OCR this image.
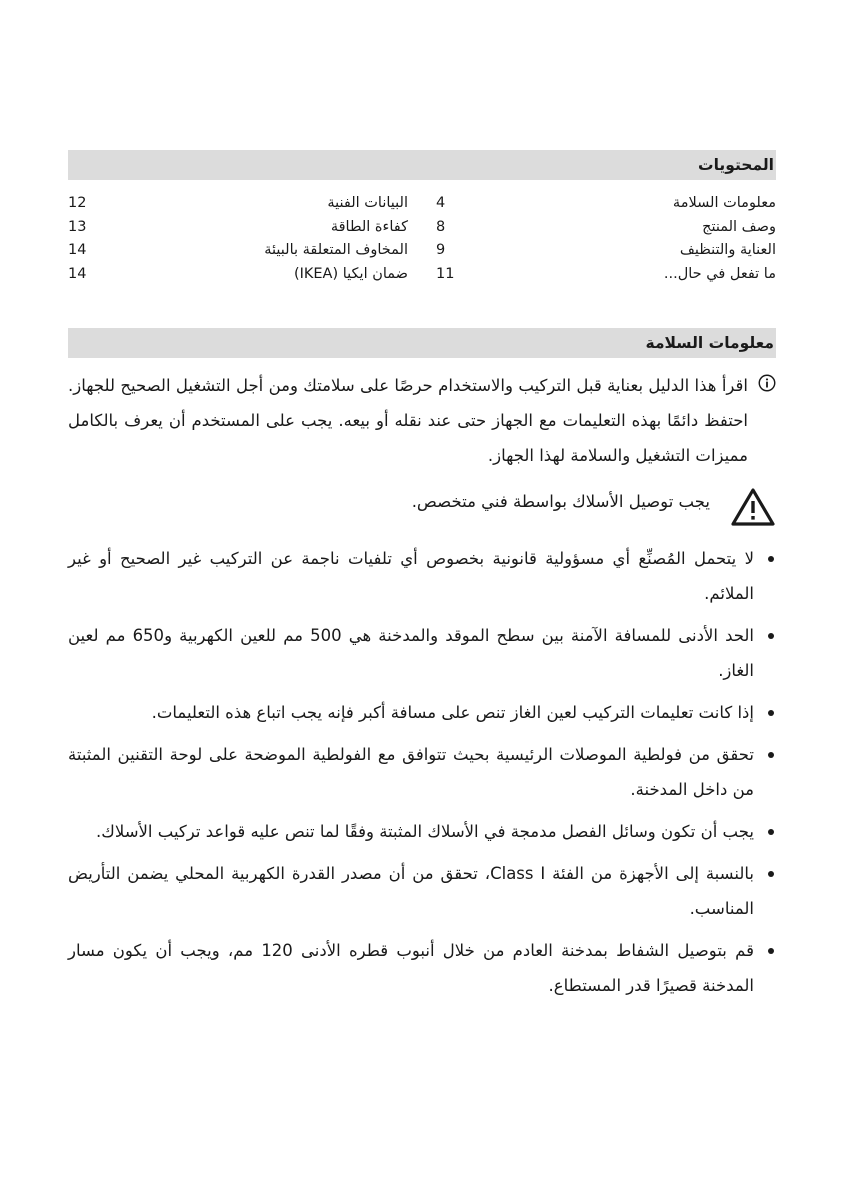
المحتويات
معلومات السلامة
وصف المنتج
العناية والتنظيف
ما تفعل في حال...
4
8
9
11
البيانات الفنية
كفاءة الطاقة
المخاوف المتعلقة بالبيئة
ضمان ايكيا (IKEA)
12
13
14
14
معلومات السلامة
اقرأ هذا الدليل بعناية قبل التركيب والاستخدام حرصًا على سلامتك ومن أجل التشغيل الصحيح للجهاز. احتفظ دائمًا بهذه التعليمات مع الجهاز حتى عند نقله أو بيعه. يجب على المستخدم أن يعرف بالكامل مميزات التشغيل والسلامة لهذا الجهاز.
يجب توصيل الأسلاك بواسطة فني متخصص.
لا يتحمل المُصنِّع أي مسؤولية قانونية بخصوص أي تلفيات ناجمة عن التركيب غير الصحيح أو غير الملائم.
الحد الأدنى للمسافة الآمنة بين سطح الموقد والمدخنة هي 500 مم للعين الكهربية و650 مم لعين الغاز.
إذا كانت تعليمات التركيب لعين الغاز تنص على مسافة أكبر فإنه يجب اتباع هذه التعليمات.
تحقق من فولطية الموصلات الرئيسية بحيث تتوافق مع الفولطية الموضحة على لوحة التقنين المثبتة من داخل المدخنة.
يجب أن تكون وسائل الفصل مدمجة في الأسلاك المثبتة وفقًا لما تنص عليه قواعد تركيب الأسلاك.
بالنسبة إلى الأجهزة من الفئة Class I، تحقق من أن مصدر القدرة الكهربية المحلي يضمن التأريض المناسب.
قم بتوصيل الشفاط بمدخنة العادم من خلال أنبوب قطره الأدنى 120 مم، ويجب أن يكون مسار المدخنة قصيرًا قدر المستطاع.
